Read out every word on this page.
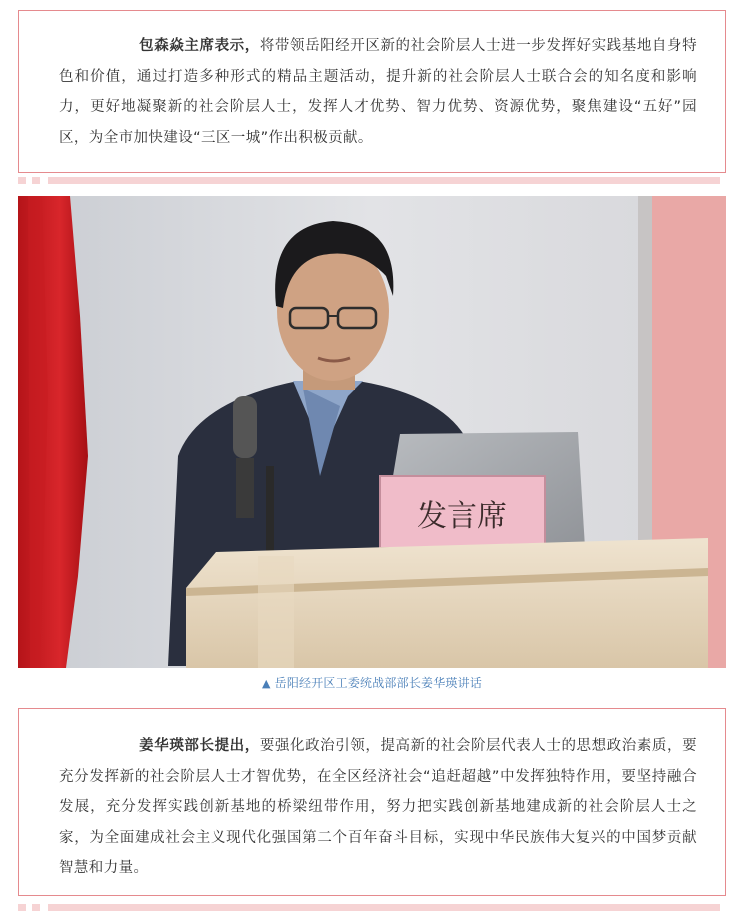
包森焱主席表示，将带领岳阳经开区新的社会阶层人士进一步发挥好实践基地自身特色和价值，通过打造多种形式的精品主题活动，提升新的社会阶层人士联合会的知名度和影响力，更好地凝聚新的社会阶层人士，发挥人才优势、智力优势、资源优势，聚焦建设“五好”园区，为全市加快建设“三区一城”作出积极贡献。
发言席
▲ 岳阳经开区工委统战部部长姜华瑛讲话
姜华瑛部长提出，要强化政治引领，提高新的社会阶层代表人士的思想政治素质，要充分发挥新的社会阶层人士才智优势，在全区经济社会“追赶超越”中发挥独特作用，要坚持融合发展，充分发挥实践创新基地的桥梁纽带作用，努力把实践创新基地建成新的社会阶层人士之家，为全面建成社会主义现代化强国第二个百年奋斗目标，实现中华民族伟大复兴的中国梦贡献智慧和力量。
